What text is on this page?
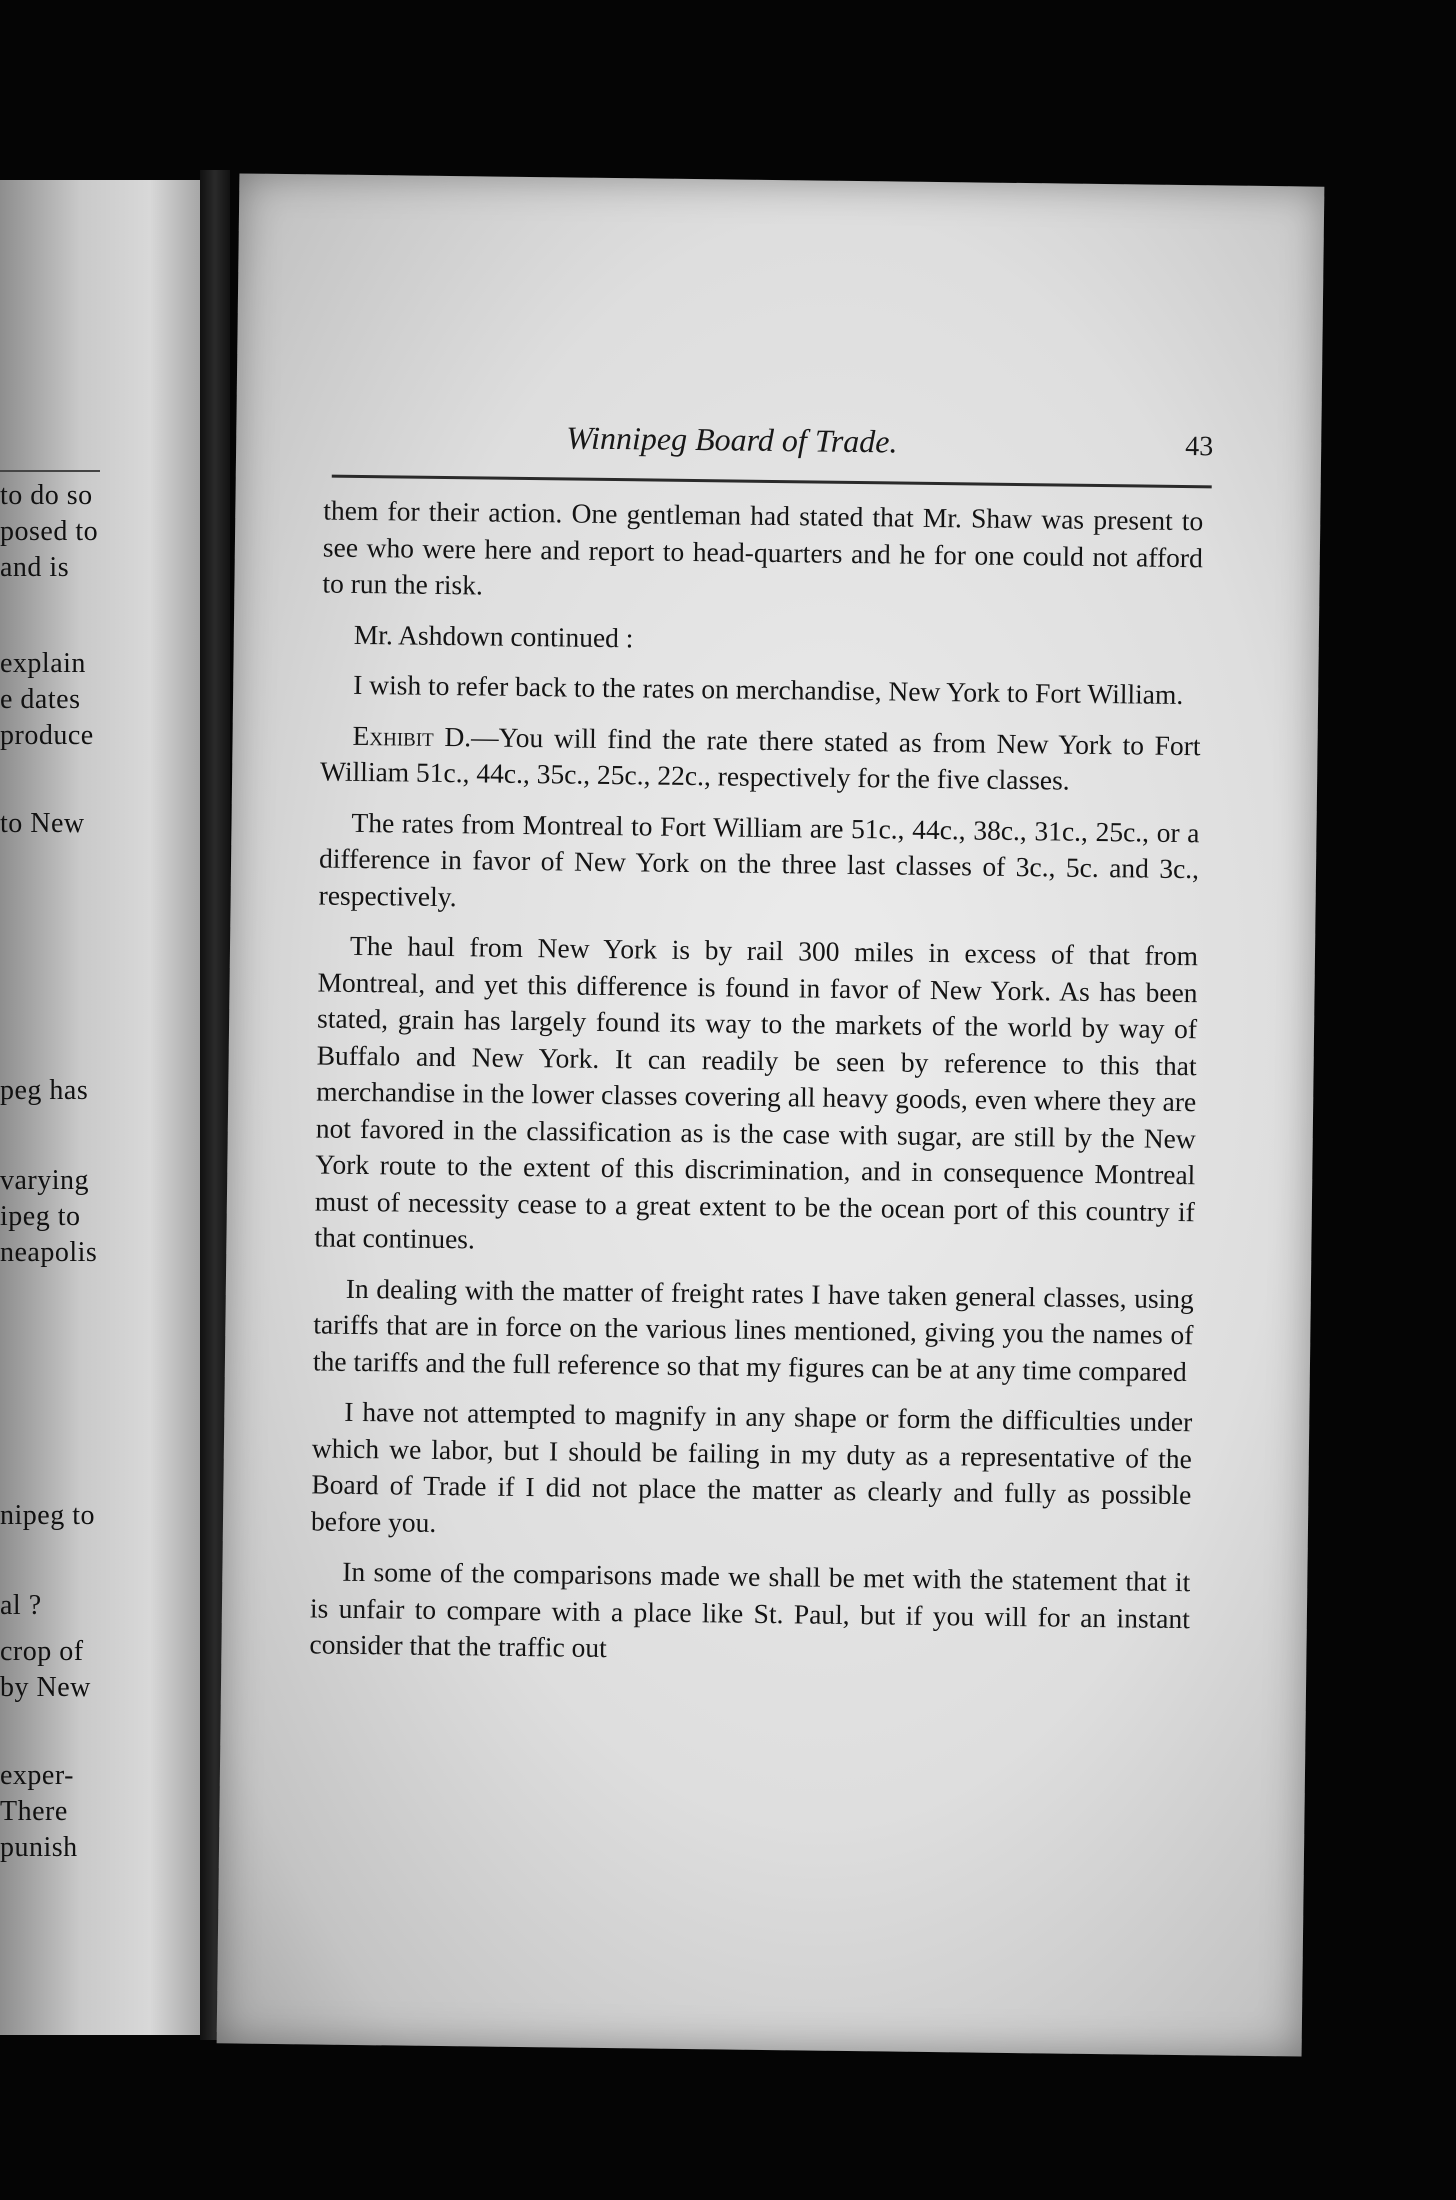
to do so
posed to
and is
explain
e dates
produce
to New
peg has
varying
ipeg to
neapolis
nipeg to
al ?
crop of
by New
exper-
There
punish
Winnipeg Board of Trade.	43

them for their action. One gentleman had stated that Mr. Shaw was present to see who were here and report to head-quarters and he for one could not afford to run the risk.

Mr. Ashdown continued :

I wish to refer back to the rates on merchandise, New York to Fort William.

Exhibit D.—You will find the rate there stated as from New York to Fort William 51c., 44c., 35c., 25c., 22c., respectively for the five classes.

The rates from Montreal to Fort William are 51c., 44c., 38c., 31c., 25c., or a difference in favor of New York on the three last classes of 3c., 5c. and 3c., respectively.

The haul from New York is by rail 300 miles in excess of that from Montreal, and yet this difference is found in favor of New York. As has been stated, grain has largely found its way to the markets of the world by way of Buffalo and New York. It can readily be seen by reference to this that merchandise in the lower classes covering all heavy goods, even where they are not favored in the classification as is the case with sugar, are still by the New York route to the extent of this discrimination, and in consequence Montreal must of necessity cease to a great extent to be the ocean port of this country if that continues.

In dealing with the matter of freight rates I have taken general classes, using tariffs that are in force on the various lines mentioned, giving you the names of the tariffs and the full reference so that my figures can be at any time compared

I have not attempted to magnify in any shape or form the difficulties under which we labor, but I should be failing in my duty as a representative of the Board of Trade if I did not place the matter as clearly and fully as possible before you.

In some of the comparisons made we shall be met with the statement that it is unfair to compare with a place like St. Paul, but if you will for an instant consider that the traffic out
